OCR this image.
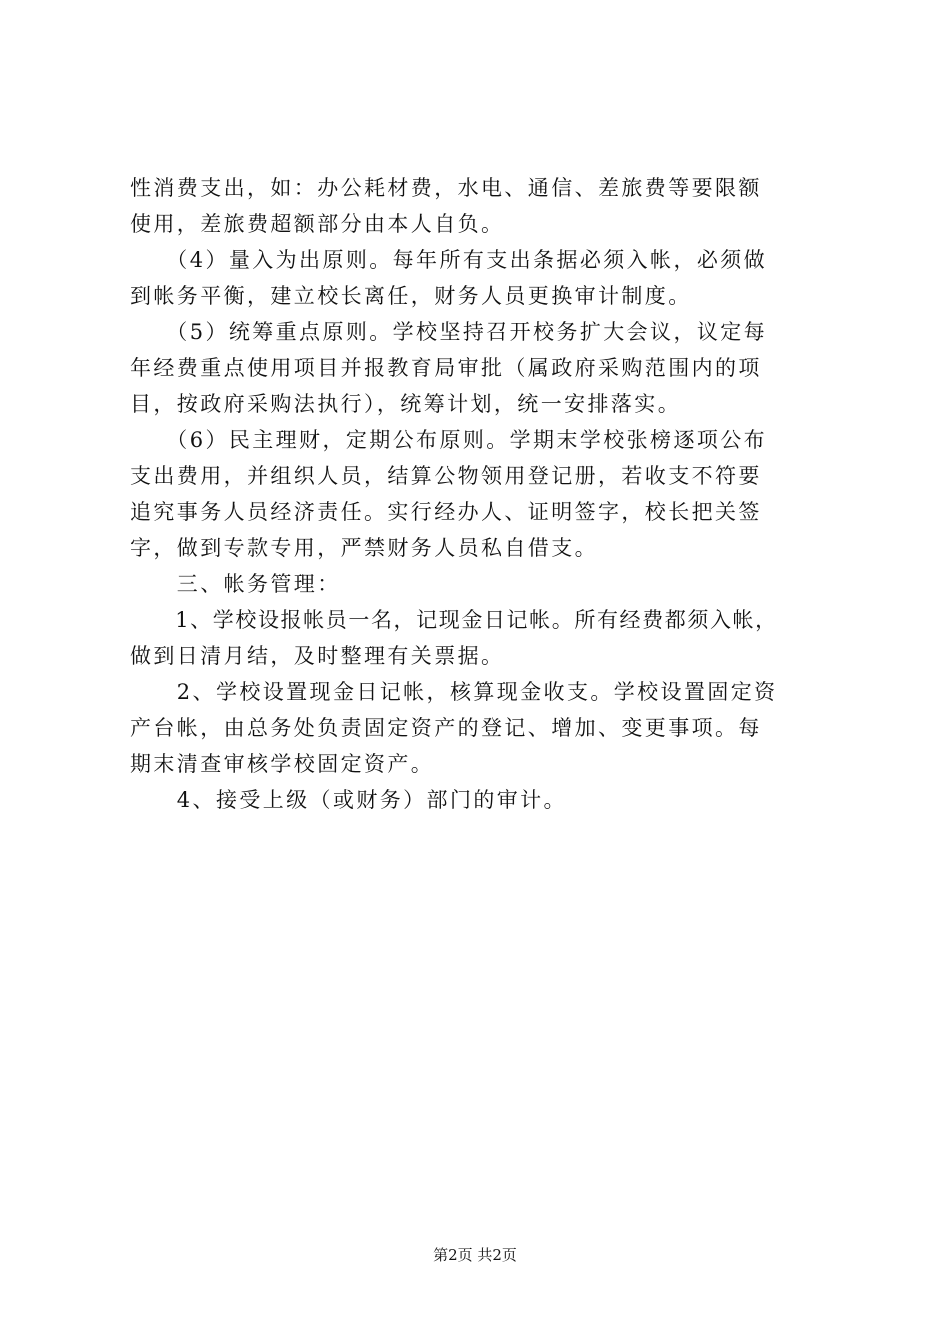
性消费支出，如：办公耗材费，水电、通信、差旅费等要限额
使用，差旅费超额部分由本人自负。
　　（4）量入为出原则。每年所有支出条据必须入帐，必须做
到帐务平衡，建立校长离任，财务人员更换审计制度。
　　（5）统筹重点原则。学校坚持召开校务扩大会议，议定每
年经费重点使用项目并报教育局审批（属政府采购范围内的项
目，按政府采购法执行），统筹计划，统一安排落实。
　　（6）民主理财，定期公布原则。学期末学校张榜逐项公布
支出费用，并组织人员，结算公物领用登记册，若收支不符要
追究事务人员经济责任。实行经办人、证明签字，校长把关签
字，做到专款专用，严禁财务人员私自借支。
　　三、帐务管理：
　　1、学校设报帐员一名，记现金日记帐。所有经费都须入帐，
做到日清月结，及时整理有关票据。
　　2、学校设置现金日记帐，核算现金收支。学校设置固定资
产台帐，由总务处负责固定资产的登记、增加、变更事项。每
期末清查审核学校固定资产。
　　4、接受上级（或财务）部门的审计。
第2页 共2页
